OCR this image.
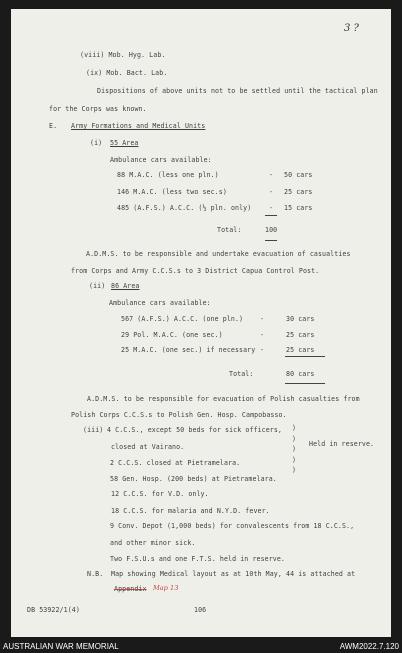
3 ?
(viii) Mob. Hyg. Lab.
(ix) Mob. Bact. Lab.
Dispositions of above units not to be settled until the tactical plan
for the Corps was known.
E. Army Formations and Medical Units
(i) 55 Area
Ambulance cars available:
88 M.A.C. (less one pln.)	- 50 cars
146 M.A.C. (less two sec.s)	- 25 cars
485 (A.F.S.) A.C.C. (½ pln. only)	- 15 cars
Total:	100
A.D.M.S. to be responsible and undertake evacuation of casualties
from Corps and Army C.C.S.s to 3 District Capua Control Post.
(ii) 86 Area
Ambulance cars available:
567 (A.F.S.) A.C.C. (one pln.)	-	30 cars
29 Pol. M.A.C. (one sec.)	-	25 cars
25 M.A.C. (one sec.) if necessary -	25 cars
Total:	80 cars
A.D.M.S. to be responsible for evacuation of Polish casualties from
Polish Corps C.C.S.s to Polish Gen. Hosp. Campobasso.
(iii) 4 C.C.S., except 50 beds for sick officers,
closed at Vairano.
2 C.C.S. closed at Pietramelara.
58 Gen. Hosp. (200 beds) at Pietramelara.
)
)
)
)
)
Held in reserve.
12 C.C.S. for V.D. only.
18 C.C.S. for malaria and N.Y.D. fever.
9 Conv. Depot (1,000 beds) for convalescents from 18 C.C.S.,
and other minor sick.
Two F.S.U.s and one F.T.S. held in reserve.
N.B. Map showing Medical layout as at 10th May, 44 is attached at
Appendix Map 13
DB 53922/1(4)	106
AUSTRALIAN WAR MEMORIAL	AWM2022.7.120
